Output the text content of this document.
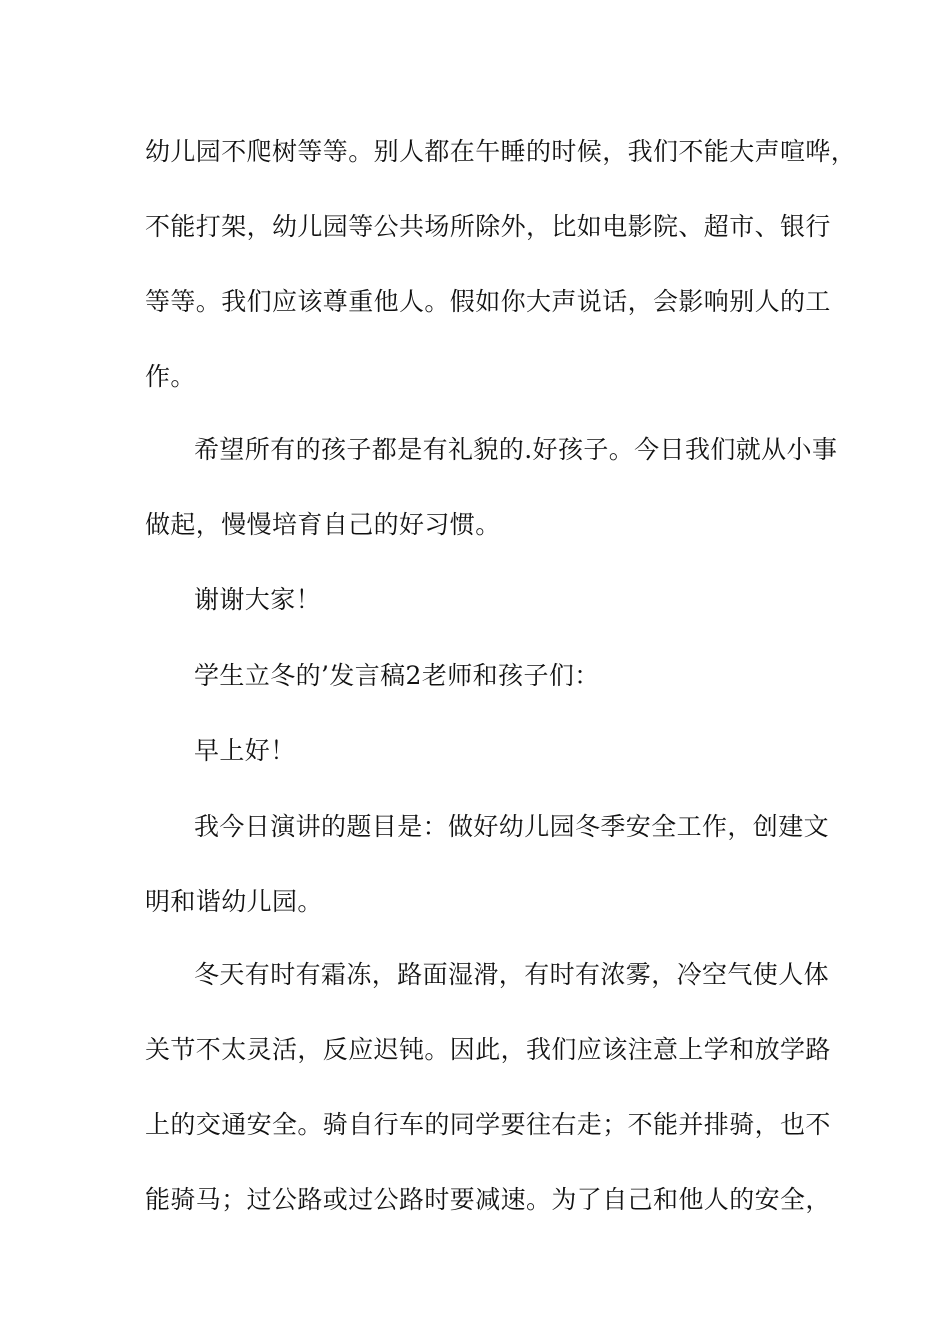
幼儿园不爬树等等。别人都在午睡的时候，我们不能大声喧哗，
不能打架，幼儿园等公共场所除外，比如电影院、超市、银行
等等。我们应该尊重他人。假如你大声说话，会影响别人的工
作。
希望所有的孩子都是有礼貌的.好孩子。今日我们就从小事
做起，慢慢培育自己的好习惯。
谢谢大家！
学生立冬的’发言稿2老师和孩子们：
早上好！
我今日演讲的题目是：做好幼儿园冬季安全工作，创建文
明和谐幼儿园。
冬天有时有霜冻，路面湿滑，有时有浓雾，冷空气使人体
关节不太灵活，反应迟钝。因此，我们应该注意上学和放学路
上的交通安全。骑自行车的同学要往右走；不能并排骑，也不
能骑马；过公路或过公路时要减速。为了自己和他人的安全，
